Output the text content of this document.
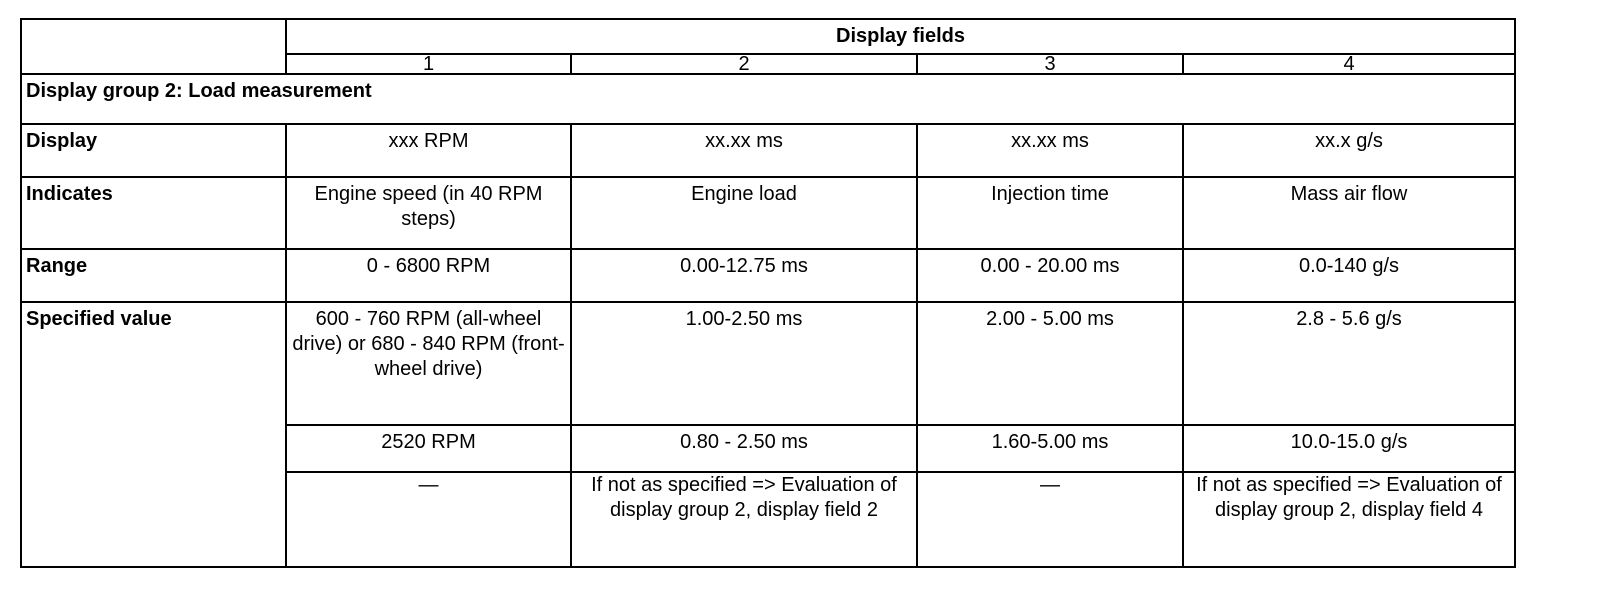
	Display fields			
	1	2	3	4
Display group 2: Load measurement				
Display	xxx RPM	xx.xx ms	xx.xx ms	xx.x g/s
Indicates	Engine speed (in 40 RPM steps)	Engine load	Injection time	Mass air flow
Range	0 - 6800 RPM	0.00-12.75 ms	0.00 - 20.00 ms	0.0-140 g/s
Specified value	600 - 760 RPM (all-wheel drive) or 680 - 840 RPM (front-wheel drive)	1.00-2.50 ms	2.00 - 5.00 ms	2.8 - 5.6 g/s
	2520 RPM	0.80 - 2.50 ms	1.60-5.00 ms	10.0-15.0 g/s
	—	If not as specified => Evaluation of display group 2, display field 2	—	If not as specified => Evaluation of display group 2, display field 4
